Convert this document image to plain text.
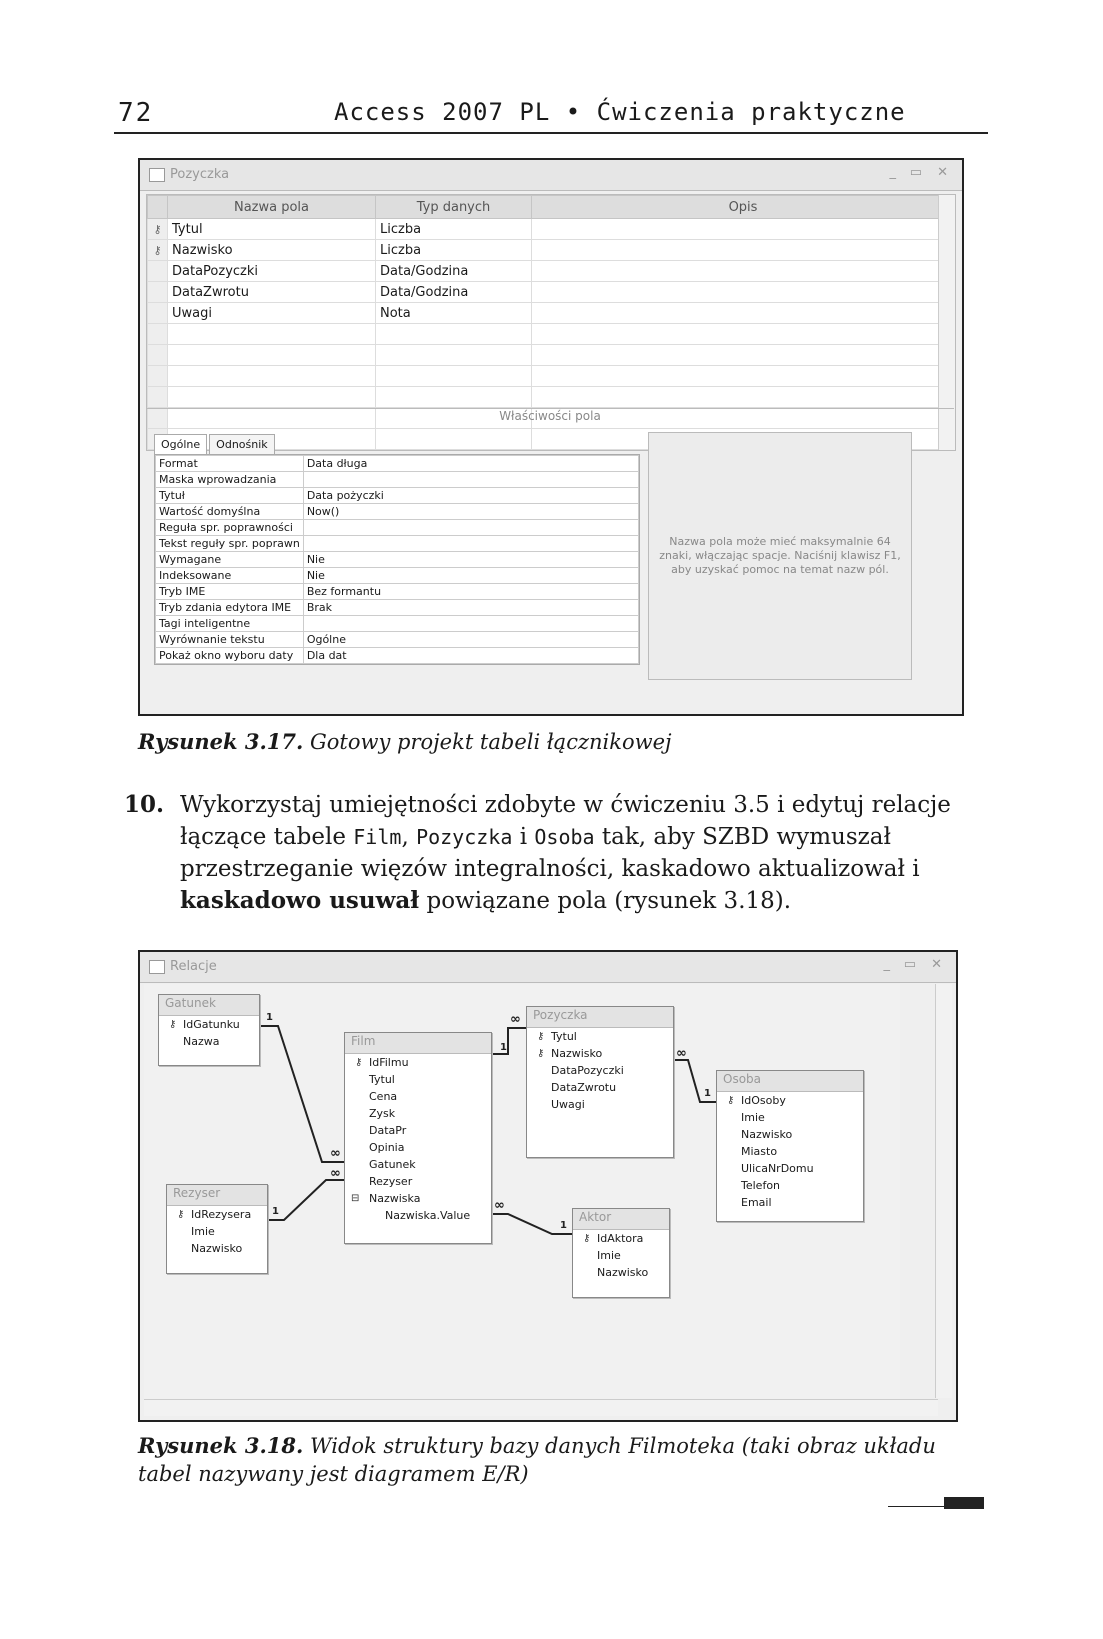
72	Access 2007 PL • Ćwiczenia praktyczne
Pozyczka	_ ▭ ✕
	Nazwa pola	Typ danych	Opis
⚷	Tytul	Liczba	
⚷	Nazwisko	Liczba	
	DataPozyczki	Data/Godzina	
	DataZwrotu	Data/Godzina	
	Uwagi	Nota	

Właściwości pola
Ogólne Odnośnik
Format	Data długa
Maska wprowadzania	
Tytuł	Data pożyczki
Wartość domyślna	Now()
Reguła spr. poprawności	
Tekst reguły spr. poprawn	
Wymagane	Nie
Indeksowane	Nie
Tryb IME	Bez formantu
Tryb zdania edytora IME	Brak
Tagi inteligentne	
Wyrównanie tekstu	Ogólne
Pokaż okno wyboru daty	Dla dat
Nazwa pola może mieć maksymalnie 64 znaki, włączając spacje. Naciśnij klawisz F1, aby uzyskać pomoc na temat nazw pól.
Rysunek 3.17. Gotowy projekt tabeli łącznikowej
10. Wykorzystaj umiejętności zdobyte w ćwiczeniu 3.5 i edytuj relacje łączące tabele Film, Pozyczka i Osoba tak, aby SZBD wymuszał przestrzeganie więzów integralności, kaskadowo aktualizował i kaskadowo usuwał powiązane pola (rysunek 3.18).
Relacje	_ ▭ ✕
1
∞
1
∞
1
∞
∞
1
∞
1
Gatunek
⚷ IdGatunku
Nazwa
Rezyser
⚷ IdRezysera
Imie
Nazwisko
Film
⚷ IdFilmu
Tytul
Cena
Zysk
DataPr
Opinia
Gatunek
Rezyser
⊟ Nazwiska
Nazwiska.Value
Pozyczka
⚷ Tytul
⚷ Nazwisko
DataPozyczki
DataZwrotu
Uwagi
Osoba
⚷ IdOsoby
Imie
Nazwisko
Miasto
UlicaNrDomu
Telefon
Email
Aktor
⚷ IdAktora
Imie
Nazwisko
Rysunek 3.18. Widok struktury bazy danych Filmoteka (taki obraz układu tabel nazywany jest diagramem E/R)
